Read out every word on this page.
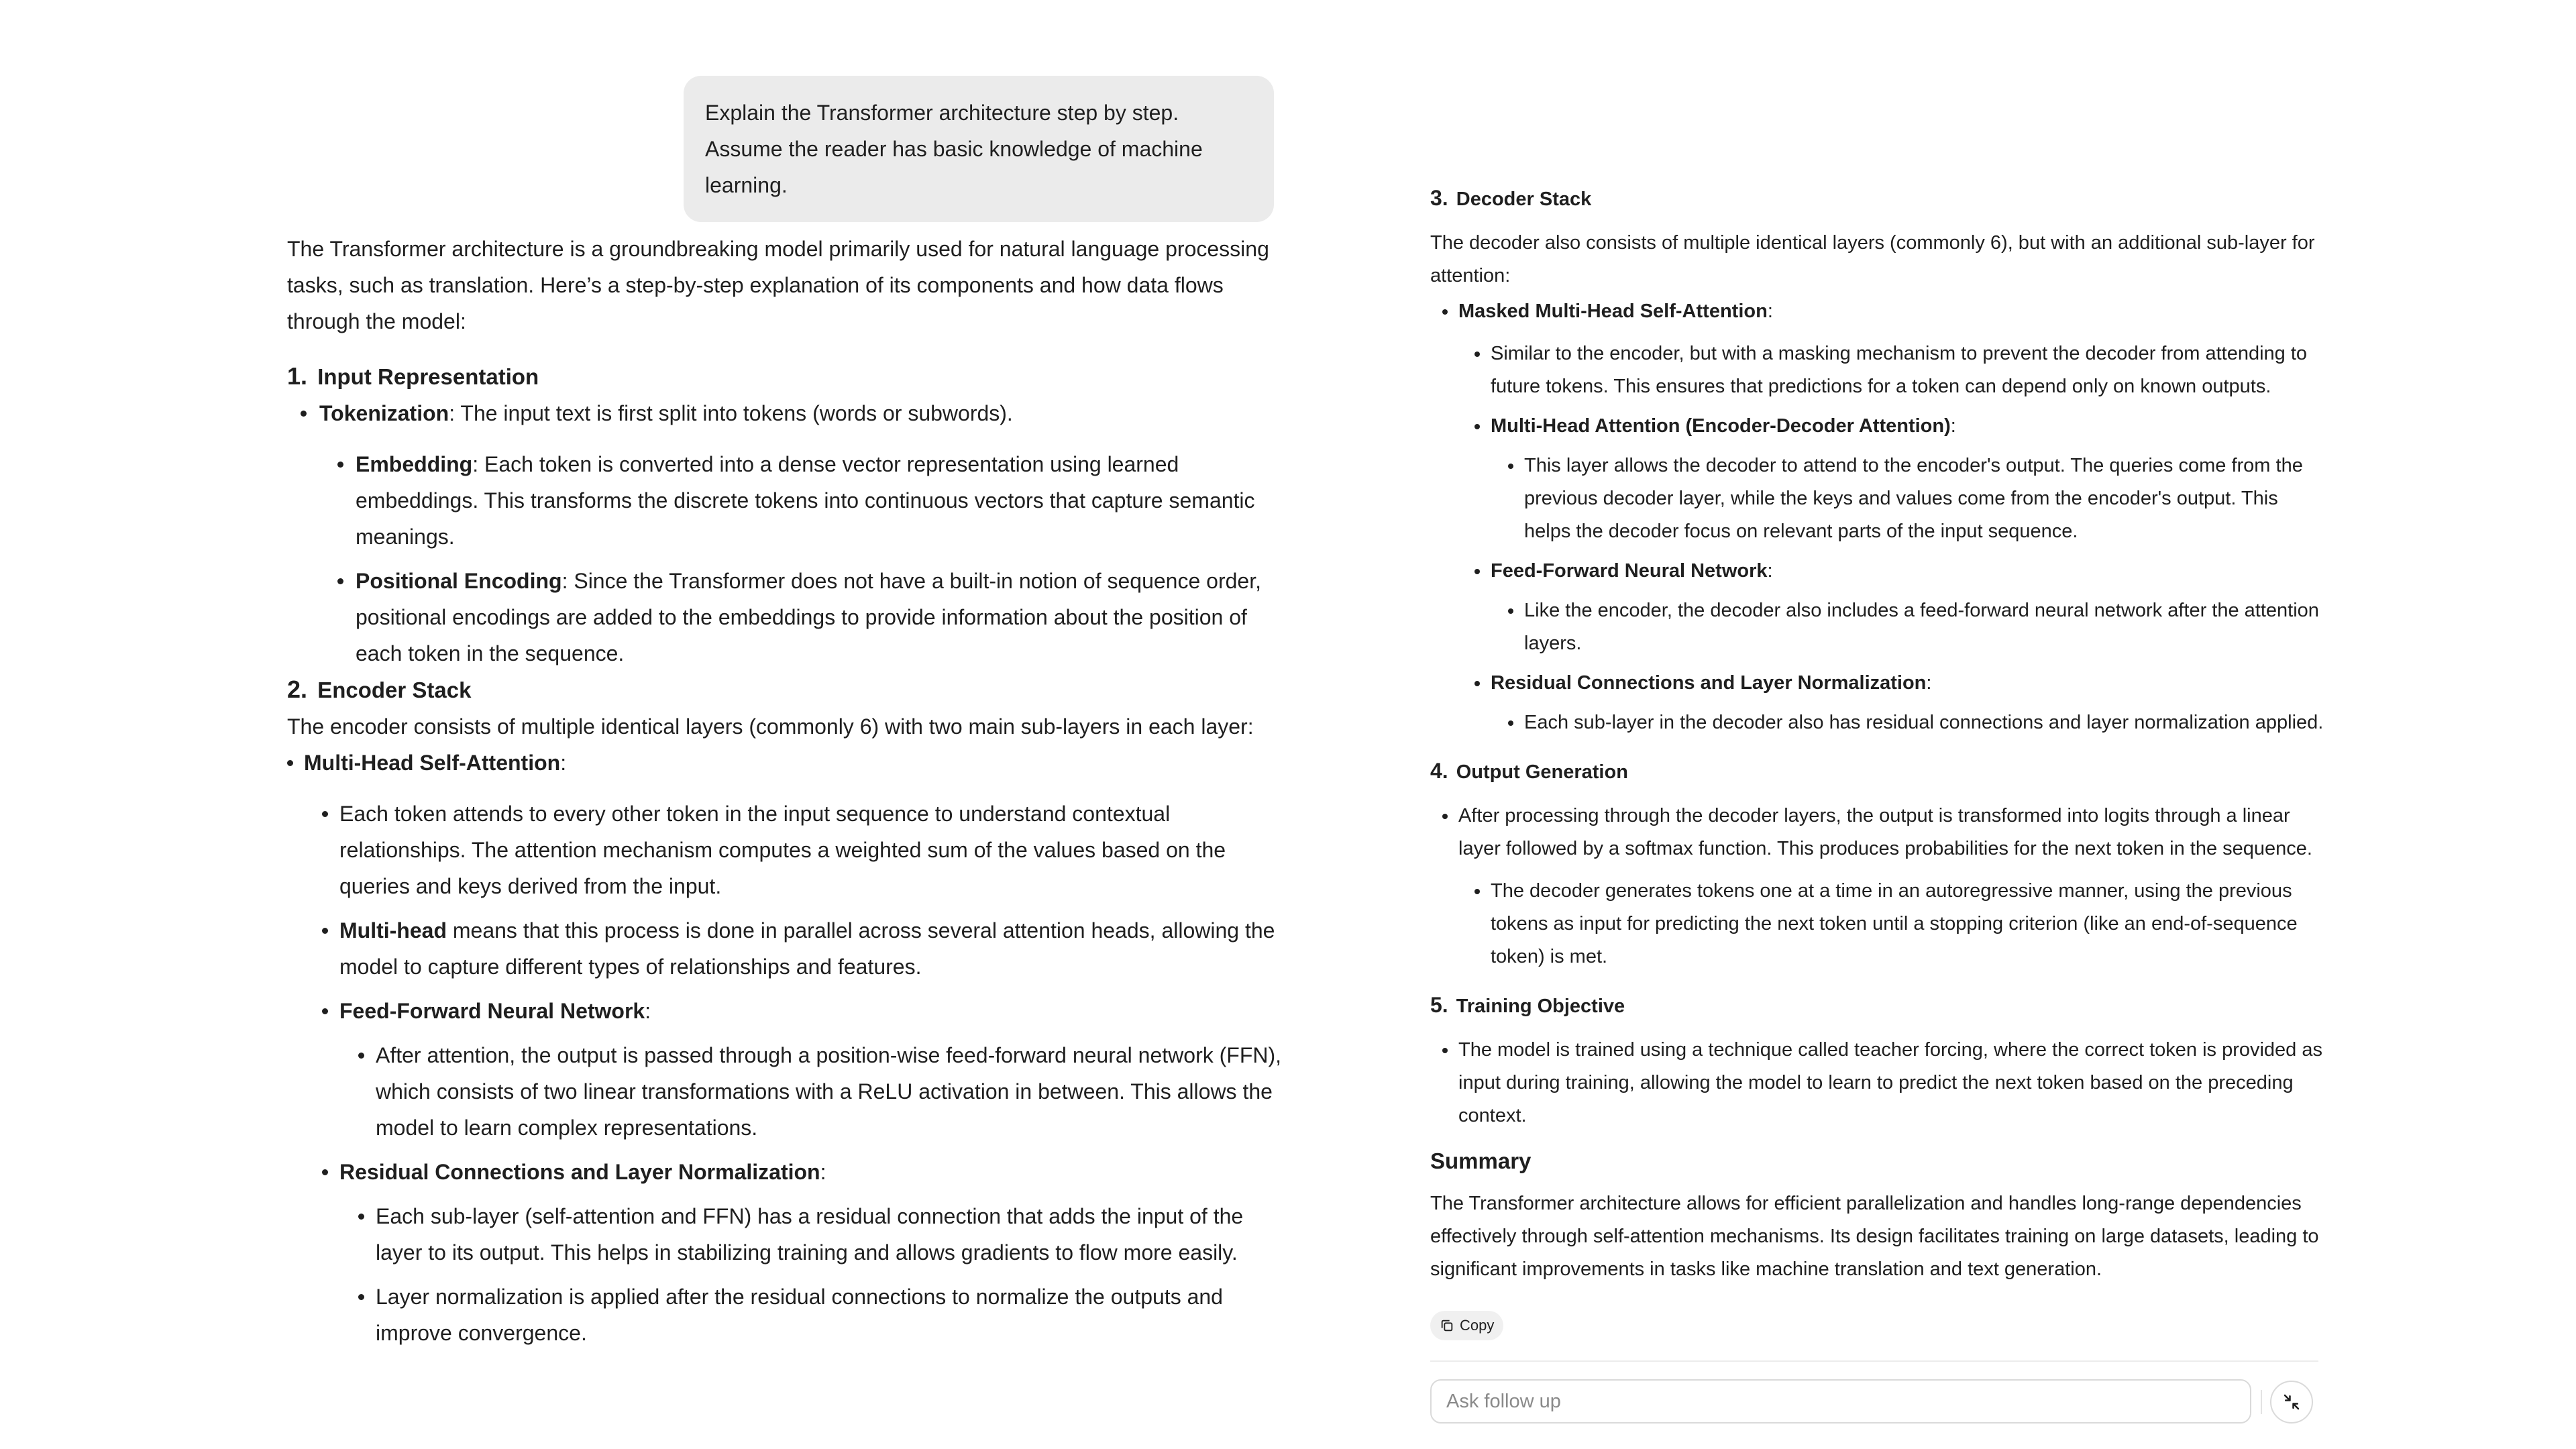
Explain the Transformer architecture step by step. Assume the reader has basic knowledge of machine learning.

The Transformer architecture is a groundbreaking model primarily used for natural language processing tasks, such as translation. Here’s a step-by-step explanation of its components and how data flows through the model:

1. Input Representation
Tokenization: The input text is first split into tokens (words or subwords).
Embedding: Each token is converted into a dense vector representation using learned embeddings. This transforms the discrete tokens into continuous vectors that capture semantic meanings.
Positional Encoding: Since the Transformer does not have a built-in notion of sequence order, positional encodings are added to the embeddings to provide information about the position of each token in the sequence.
2. Encoder Stack

The encoder consists of multiple identical layers (commonly 6) with two main sub-layers in each layer:

Multi-Head Self-Attention:
Each token attends to every other token in the input sequence to understand contextual relationships. The attention mechanism computes a weighted sum of the values based on the queries and keys derived from the input.
Multi-head means that this process is done in parallel across several attention heads, allowing the model to capture different types of relationships and features.
Feed-Forward Neural Network:
After attention, the output is passed through a position-wise feed-forward neural network (FFN), which consists of two linear transformations with a ReLU activation in between. This allows the model to learn complex representations.
Residual Connections and Layer Normalization:
Each sub-layer (self-attention and FFN) has a residual connection that adds the input of the layer to its output. This helps in stabilizing training and allows gradients to flow more easily.
Layer normalization is applied after the residual connections to normalize the outputs and improve convergence.
3. Decoder Stack

The decoder also consists of multiple identical layers (commonly 6), but with an additional sub-layer for attention:

Masked Multi-Head Self-Attention:
Similar to the encoder, but with a masking mechanism to prevent the decoder from attending to future tokens. This ensures that predictions for a token can depend only on known outputs.
Multi-Head Attention (Encoder-Decoder Attention):
This layer allows the decoder to attend to the encoder's output. The queries come from the previous decoder layer, while the keys and values come from the encoder's output. This helps the decoder focus on relevant parts of the input sequence.
Feed-Forward Neural Network:
Like the encoder, the decoder also includes a feed-forward neural network after the attention layers.
Residual Connections and Layer Normalization:
Each sub-layer in the decoder also has residual connections and layer normalization applied.
4. Output Generation
After processing through the decoder layers, the output is transformed into logits through a linear layer followed by a softmax function. This produces probabilities for the next token in the sequence.
The decoder generates tokens one at a time in an autoregressive manner, using the previous tokens as input for predicting the next token until a stopping criterion (like an end-of-sequence token) is met.
5. Training Objective
The model is trained using a technique called teacher forcing, where the correct token is provided as input during training, allowing the model to learn to predict the next token based on the preceding context.
Summary

The Transformer architecture allows for efficient parallelization and handles long-range dependencies effectively through self-attention mechanisms. Its design facilitates training on large datasets, leading to significant improvements in tasks like machine translation and text generation.

Copy
Ask follow up
